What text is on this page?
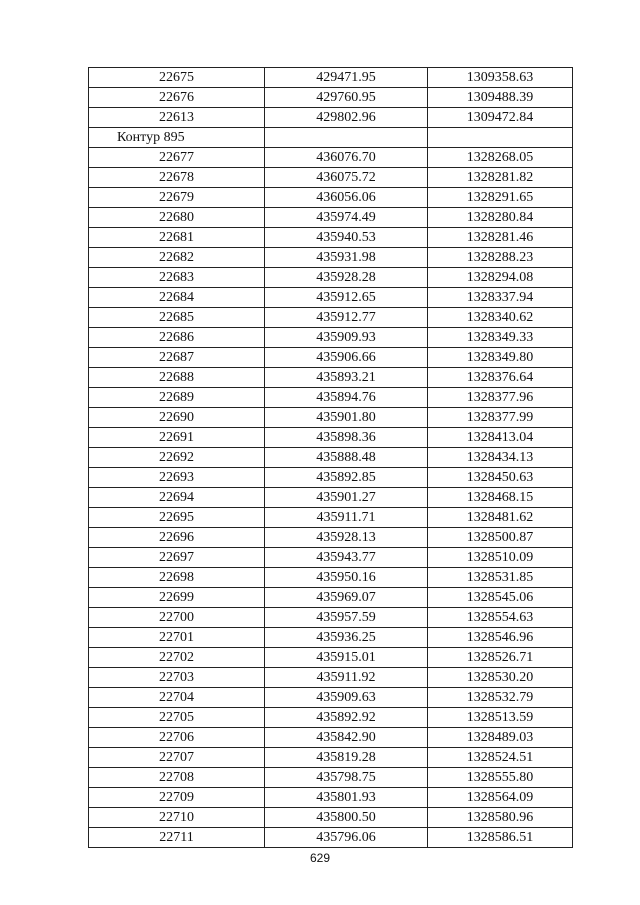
22675	429471.95	1309358.63
22676	429760.95	1309488.39
22613	429802.96	1309472.84
Контур 895		
22677	436076.70	1328268.05
22678	436075.72	1328281.82
22679	436056.06	1328291.65
22680	435974.49	1328280.84
22681	435940.53	1328281.46
22682	435931.98	1328288.23
22683	435928.28	1328294.08
22684	435912.65	1328337.94
22685	435912.77	1328340.62
22686	435909.93	1328349.33
22687	435906.66	1328349.80
22688	435893.21	1328376.64
22689	435894.76	1328377.96
22690	435901.80	1328377.99
22691	435898.36	1328413.04
22692	435888.48	1328434.13
22693	435892.85	1328450.63
22694	435901.27	1328468.15
22695	435911.71	1328481.62
22696	435928.13	1328500.87
22697	435943.77	1328510.09
22698	435950.16	1328531.85
22699	435969.07	1328545.06
22700	435957.59	1328554.63
22701	435936.25	1328546.96
22702	435915.01	1328526.71
22703	435911.92	1328530.20
22704	435909.63	1328532.79
22705	435892.92	1328513.59
22706	435842.90	1328489.03
22707	435819.28	1328524.51
22708	435798.75	1328555.80
22709	435801.93	1328564.09
22710	435800.50	1328580.96
22711	435796.06	1328586.51
629
